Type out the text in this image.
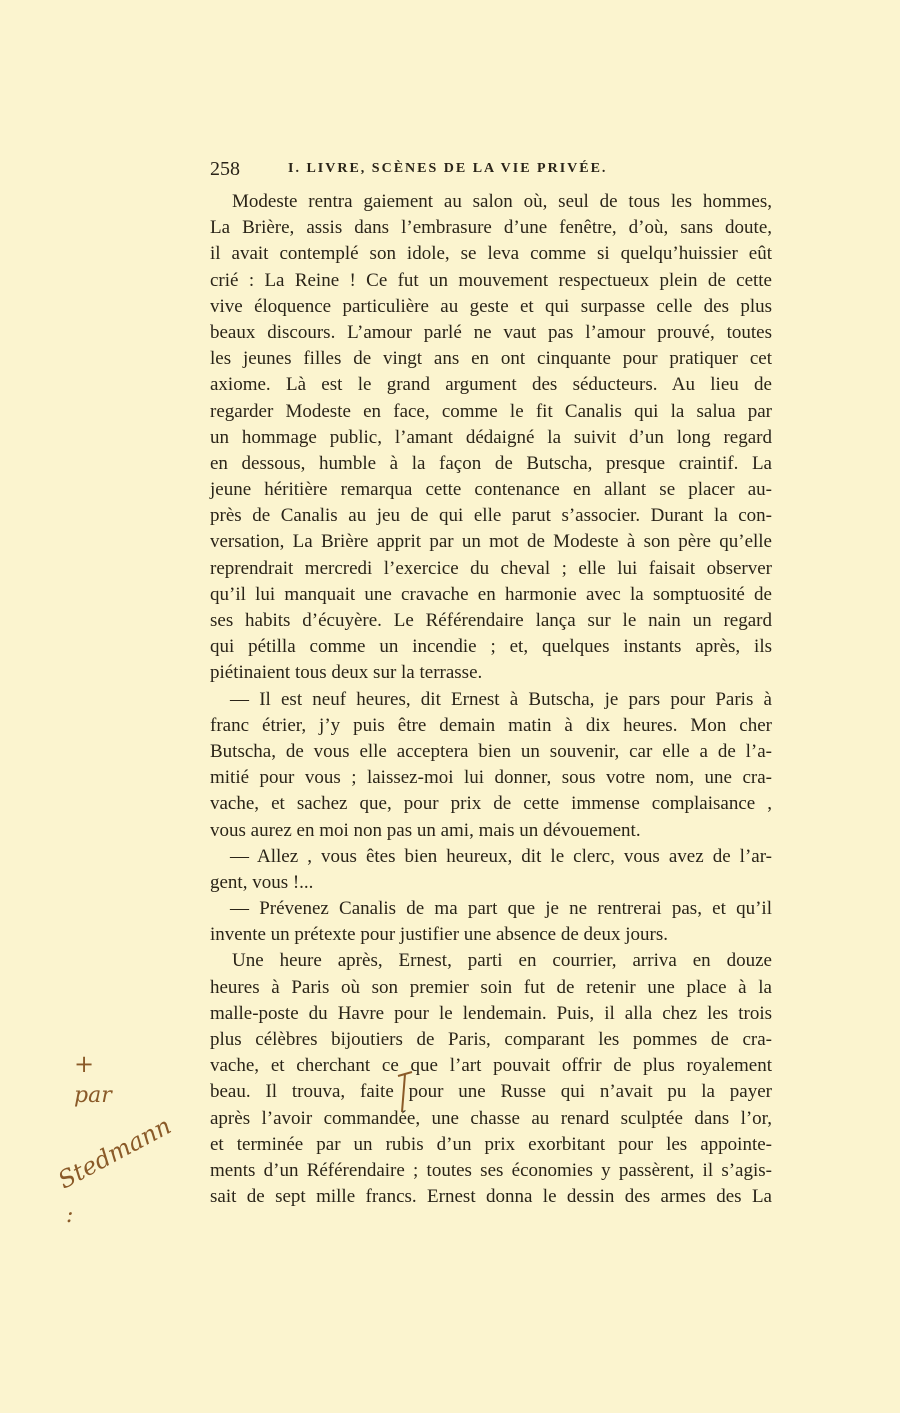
258	I. LIVRE, SCÈNES DE LA VIE PRIVÉE.
Modeste rentra gaiement au salon où, seul de tous les hommes,
La Brière, assis dans l’embrasure d’une fenêtre, d’où, sans doute,
il avait contemplé son idole, se leva comme si quelqu’huissier eût
crié : La Reine ! Ce fut un mouvement respectueux plein de cette
vive éloquence particulière au geste et qui surpasse celle des plus
beaux discours. L’amour parlé ne vaut pas l’amour prouvé, toutes
les jeunes filles de vingt ans en ont cinquante pour pratiquer cet
axiome. Là est le grand argument des séducteurs. Au lieu de
regarder Modeste en face, comme le fit Canalis qui la salua par
un hommage public, l’amant dédaigné la suivit d’un long regard
en dessous, humble à la façon de Butscha, presque craintif. La
jeune héritière remarqua cette contenance en allant se placer au-
près de Canalis au jeu de qui elle parut s’associer. Durant la con-
versation, La Brière apprit par un mot de Modeste à son père qu’elle
reprendrait mercredi l’exercice du cheval ; elle lui faisait observer
qu’il lui manquait une cravache en harmonie avec la somptuosité de
ses habits d’écuyère. Le Référendaire lança sur le nain un regard
qui pétilla comme un incendie ; et, quelques instants après, ils
piétinaient tous deux sur la terrasse.
— Il est neuf heures, dit Ernest à Butscha, je pars pour Paris à
franc étrier, j’y puis être demain matin à dix heures. Mon cher
Butscha, de vous elle acceptera bien un souvenir, car elle a de l’a-
mitié pour vous ; laissez-moi lui donner, sous votre nom, une cra-
vache, et sachez que, pour prix de cette immense complaisance ,
vous aurez en moi non pas un ami, mais un dévouement.
— Allez , vous êtes bien heureux, dit le clerc, vous avez de l’ar-
gent, vous !...
— Prévenez Canalis de ma part que je ne rentrerai pas, et qu’il
invente un prétexte pour justifier une absence de deux jours.
Une heure après, Ernest, parti en courrier, arriva en douze
heures à Paris où son premier soin fut de retenir une place à la
malle-poste du Havre pour le lendemain. Puis, il alla chez les trois
plus célèbres bijoutiers de Paris, comparant les pommes de cra-
vache, et cherchant ce que l’art pouvait offrir de plus royalement
beau. Il trouva, faite pour une Russe qui n’avait pu la payer
après l’avoir commandée, une chasse au renard sculptée dans l’or,
et terminée par un rubis d’un prix exorbitant pour les appointe-
ments d’un Référendaire ; toutes ses économies y passèrent, il s’agis-
sait de sept mille francs. Ernest donna le dessin des armes des La
+
par
Stedmann
:
